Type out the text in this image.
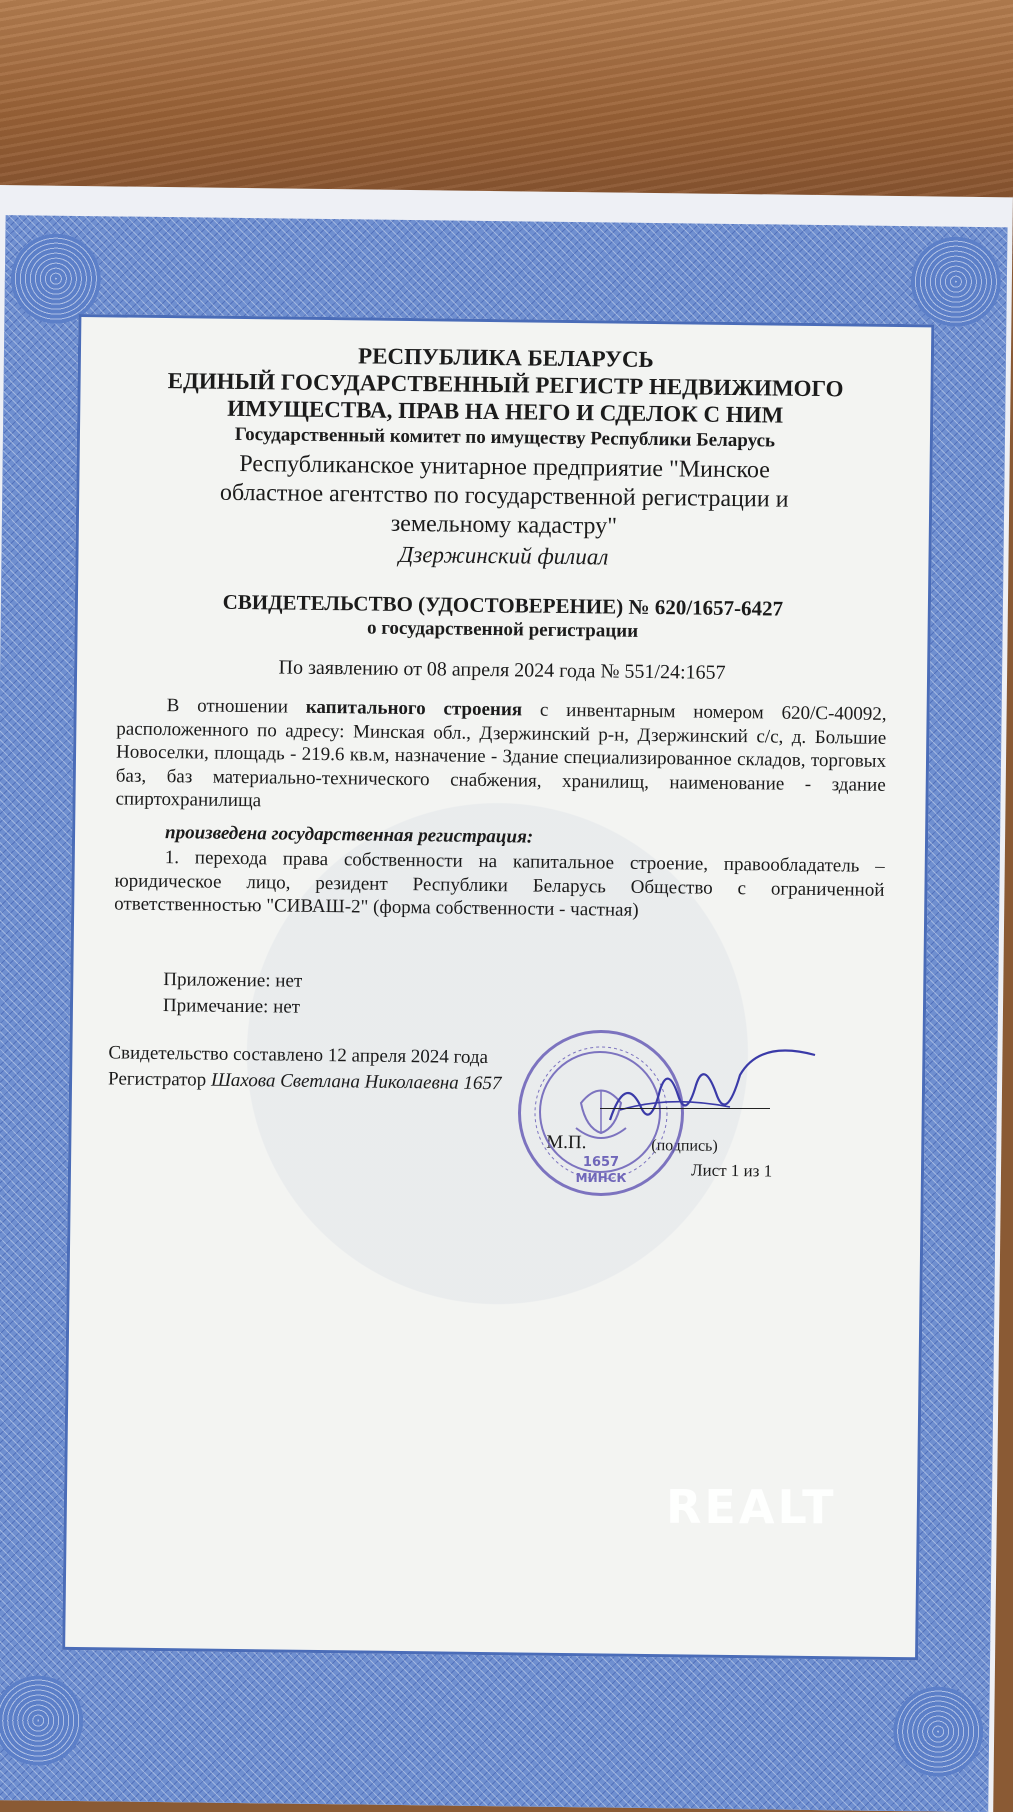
РЕСПУБЛИКА БЕЛАРУСЬ
ЕДИНЫЙ ГОСУДАРСТВЕННЫЙ РЕГИСТР НЕДВИЖИМОГО
ИМУЩЕСТВА, ПРАВ НА НЕГО И СДЕЛОК С НИМ
Государственный комитет по имуществу Республики Беларусь
Республиканское унитарное предприятие "Минское
областное агентство по государственной регистрации и
земельному кадастру"
Дзержинский филиал
СВИДЕТЕЛЬСТВО (УДОСТОВЕРЕНИЕ) № 620/1657-6427
о государственной регистрации
По заявлению от 08 апреля 2024 года № 551/24:1657
В отношении капитального строения с инвентарным номером 620/С-40092, расположенного по адресу: Минская обл., Дзержинский р-н, Дзержинский с/с, д. Большие Новоселки, площадь - 219.6 кв.м, назначение - Здание специализированное складов, торговых баз, баз материально-технического снабжения, хранилищ, наименование - здание спиртохранилища
произведена государственная регистрация:
1. перехода права собственности на капитальное строение, правообладатель – юридическое лицо, резидент Республики Беларусь Общество с ограниченной ответственностью "СИВАШ-2" (форма собственности - частная)
Приложение: нет
Примечание: нет
Свидетельство составлено 12 апреля 2024 года
Регистратор Шахова Светлана Николаевна 1657
М.П.	(подпись)
Лист 1 из 1
1657
МИНСК
REALT
